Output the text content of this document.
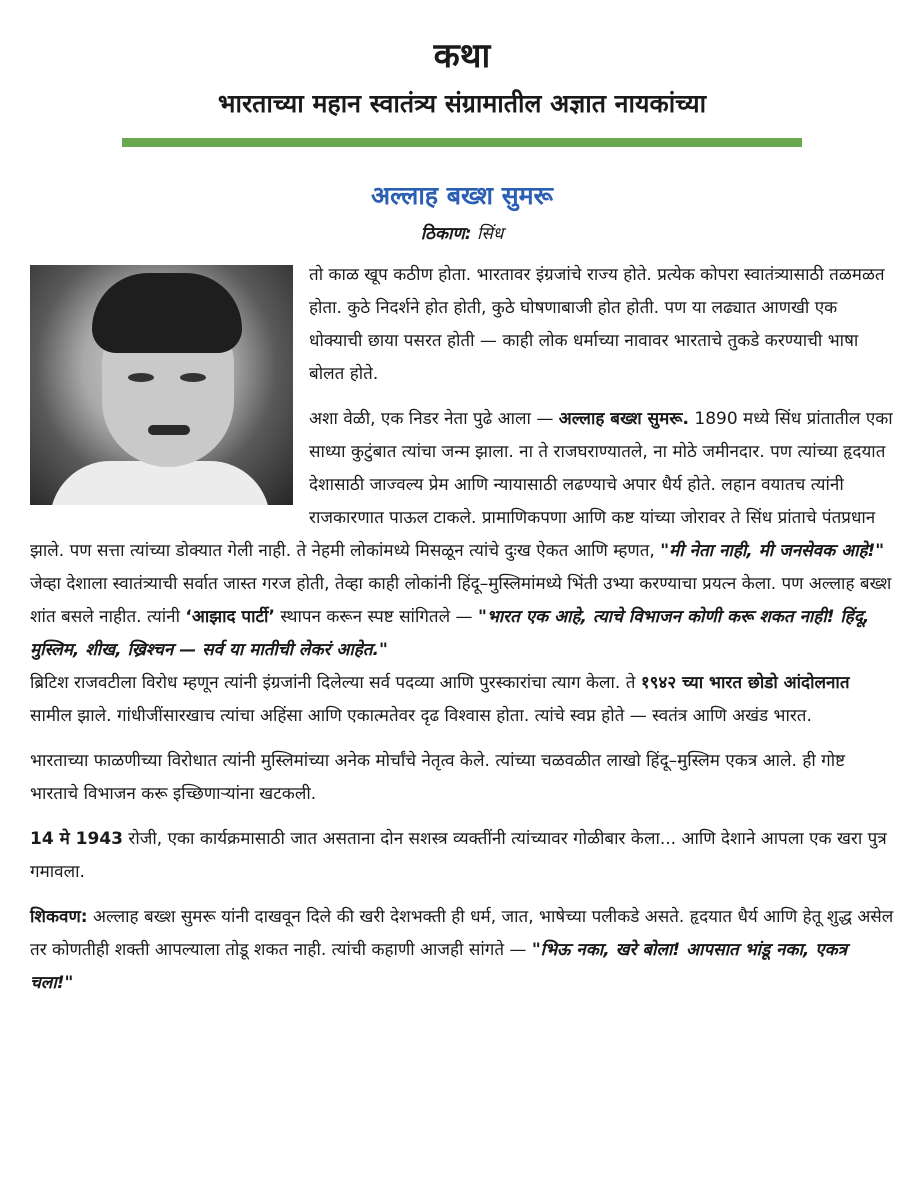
कथा
भारताच्या महान स्वातंत्र्य संग्रामातील अज्ञात नायकांच्या
अल्लाह बख्श सुमरू
ठिकाण: सिंध

तो काळ खूप कठीण होता. भारतावर इंग्रजांचे राज्य होते. प्रत्येक कोपरा स्वातंत्र्यासाठी तळमळत होता. कुठे निदर्शने होत होती, कुठे घोषणाबाजी होत होती. पण या लढ्यात आणखी एक धोक्याची छाया पसरत होती — काही लोक धर्माच्या नावावर भारताचे तुकडे करण्याची भाषा बोलत होते.

अशा वेळी, एक निडर नेता पुढे आला — अल्लाह बख्श सुमरू. 1890 मध्ये सिंध प्रांतातील एका साध्या कुटुंबात त्यांचा जन्म झाला. ना ते राजघराण्यातले, ना मोठे जमीनदार. पण त्यांच्या हृदयात देशासाठी जाज्वल्य प्रेम आणि न्यायासाठी लढण्याचे अपार धैर्य होते. लहान वयातच त्यांनी राजकारणात पाऊल टाकले. प्रामाणिकपणा आणि कष्ट यांच्या जोरावर ते सिंध प्रांताचे पंतप्रधान झाले. पण सत्ता त्यांच्या डोक्यात गेली नाही. ते नेहमी लोकांमध्ये मिसळून त्यांचे दुःख ऐकत आणि म्हणत, "मी नेता नाही, मी जनसेवक आहे!"

जेव्हा देशाला स्वातंत्र्याची सर्वात जास्त गरज होती, तेव्हा काही लोकांनी हिंदू–मुस्लिमांमध्ये भिंती उभ्या करण्याचा प्रयत्न केला. पण अल्लाह बख्श शांत बसले नाहीत. त्यांनी ‘आझाद पार्टी’ स्थापन करून स्पष्ट सांगितले — "भारत एक आहे, त्याचे विभाजन कोणी करू शकत नाही! हिंदू, मुस्लिम, शीख, ख्रिश्चन — सर्व या मातीची लेकरं आहेत."

ब्रिटिश राजवटीला विरोध म्हणून त्यांनी इंग्रजांनी दिलेल्या सर्व पदव्या आणि पुरस्कारांचा त्याग केला. ते १९४२ च्या भारत छोडो आंदोलनात सामील झाले. गांधीजींसारखाच त्यांचा अहिंसा आणि एकात्मतेवर दृढ विश्वास होता. त्यांचे स्वप्न होते — स्वतंत्र आणि अखंड भारत.

भारताच्या फाळणीच्या विरोधात त्यांनी मुस्लिमांच्या अनेक मोर्चांचे नेतृत्व केले. त्यांच्या चळवळीत लाखो हिंदू–मुस्लिम एकत्र आले. ही गोष्ट भारताचे विभाजन करू इच्छिणाऱ्यांना खटकली.

14 मे 1943 रोजी, एका कार्यक्रमासाठी जात असताना दोन सशस्त्र व्यक्तींनी त्यांच्यावर गोळीबार केला... आणि देशाने आपला एक खरा पुत्र गमावला.

शिकवण: अल्लाह बख्श सुमरू यांनी दाखवून दिले की खरी देशभक्ती ही धर्म, जात, भाषेच्या पलीकडे असते. हृदयात धैर्य आणि हेतू शुद्ध असेल तर कोणतीही शक्ती आपल्याला तोडू शकत नाही. त्यांची कहाणी आजही सांगते — "भिऊ नका, खरे बोला! आपसात भांडू नका, एकत्र चला!"
